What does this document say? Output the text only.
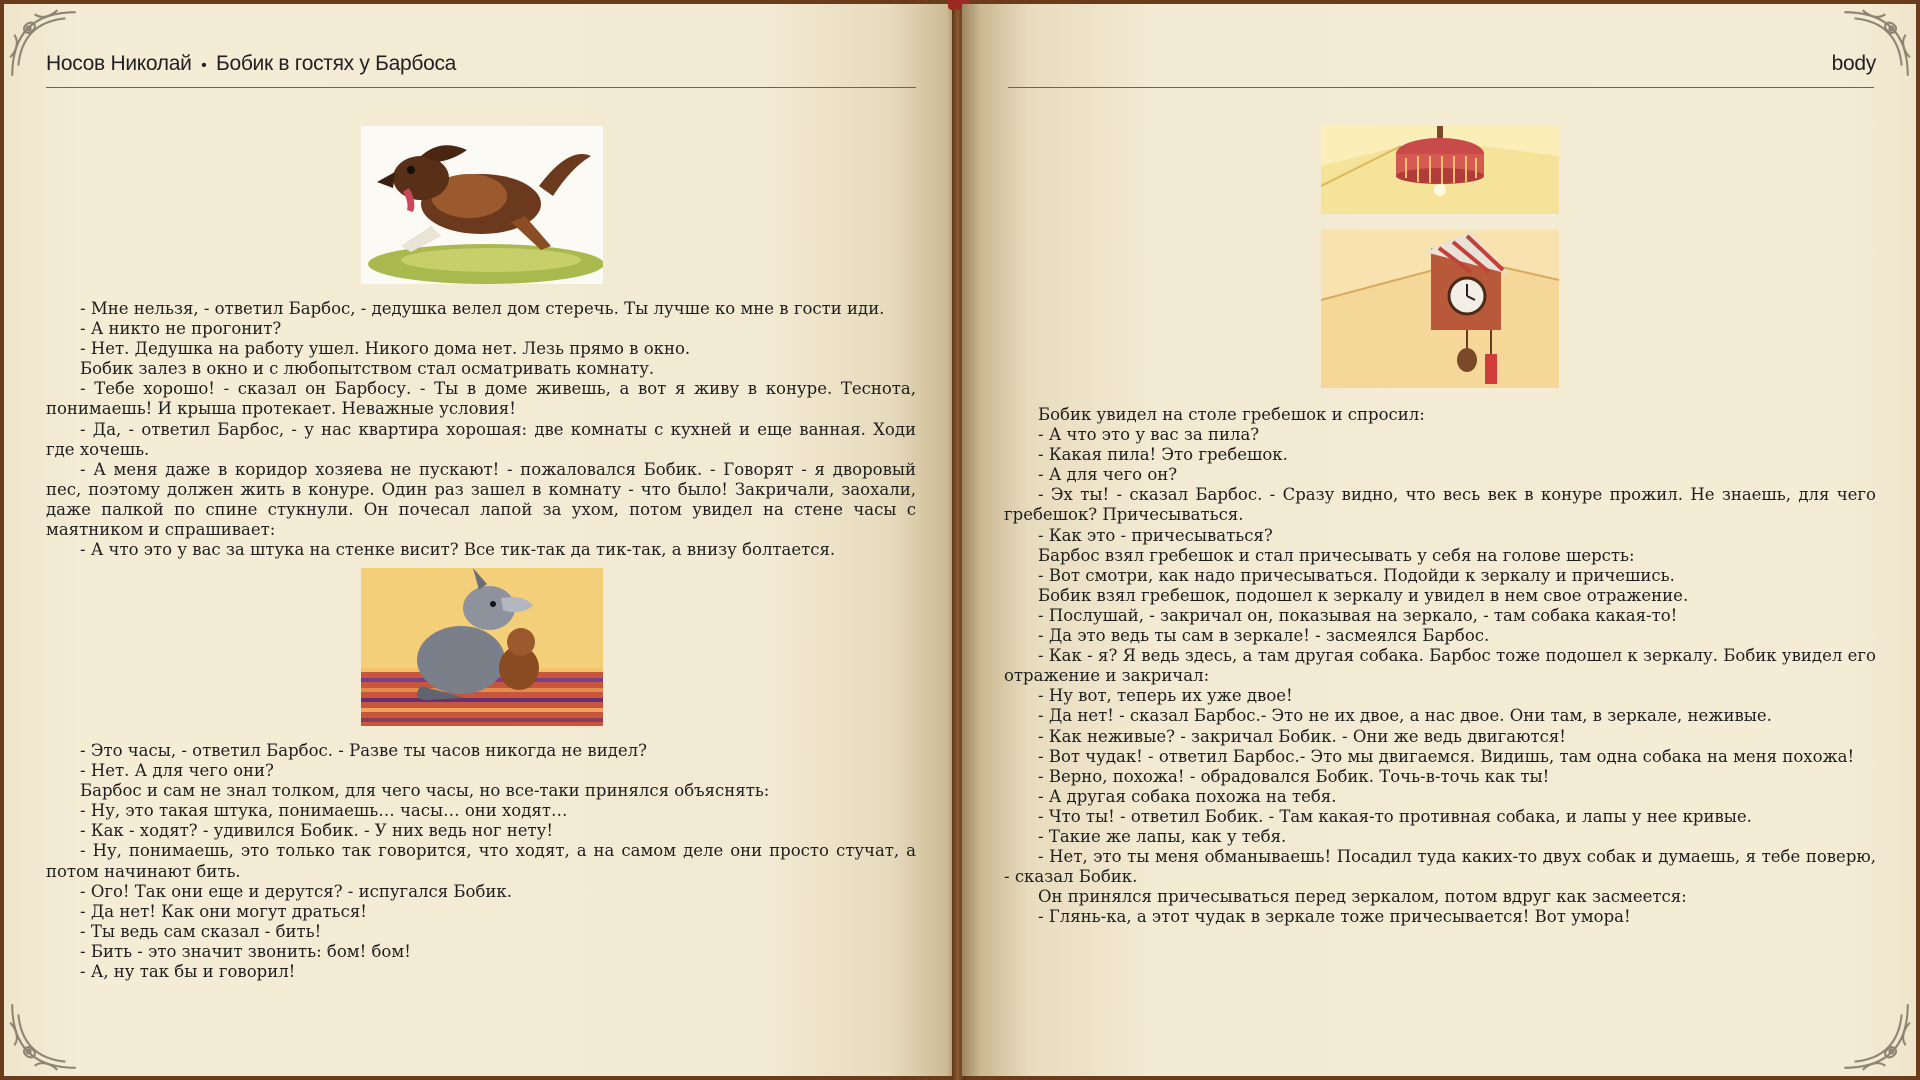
Носов Николай • Бобик в гостях у Барбоса

- Мне нельзя, - ответил Барбос, - дедушка велел дом стеречь. Ты лучше ко мне в гости иди.

- А никто не прогонит?

- Нет. Дедушка на работу ушел. Никого дома нет. Лезь прямо в окно.

Бобик залез в окно и с любопытством стал осматривать комнату.

- Тебе хорошо! - сказал он Барбосу. - Ты в доме живешь, а вот я живу в конуре. Теснота, понимаешь! И крыша протекает. Неважные условия!

- Да, - ответил Барбос, - у нас квартира хорошая: две комнаты с кухней и еще ванная. Ходи где хочешь.

- А меня даже в коридор хозяева не пускают! - пожаловался Бобик. - Говорят - я дворовый пес, поэтому должен жить в конуре. Один раз зашел в комнату - что было! Закричали, заохали, даже палкой по спине стукнули. Он почесал лапой за ухом, потом увидел на стене часы с маятником и спрашивает:

- А что это у вас за штука на стенке висит? Все тик-так да тик-так, а внизу болтается.

- Это часы, - ответил Барбос. - Разве ты часов никогда не видел?

- Нет. А для чего они?

Барбос и сам не знал толком, для чего часы, но все-таки принялся объяснять:

- Ну, это такая штука, понимаешь… часы… они ходят…

- Как - ходят? - удивился Бобик. - У них ведь ног нету!

- Ну, понимаешь, это только так говорится, что ходят, а на самом деле они просто стучат, а потом начинают бить.

- Ого! Так они еще и дерутся? - испугался Бобик.

- Да нет! Как они могут драться!

- Ты ведь сам сказал - бить!

- Бить - это значит звонить: бом! бом!

- А, ну так бы и говорил!

body

Бобик увидел на столе гребешок и спросил:

- А что это у вас за пила?

- Какая пила! Это гребешок.

- А для чего он?

- Эх ты! - сказал Барбос. - Сразу видно, что весь век в конуре прожил. Не знаешь, для чего гребешок? Причесываться.

- Как это - причесываться?

Барбос взял гребешок и стал причесывать у себя на голове шерсть:

- Вот смотри, как надо причесываться. Подойди к зеркалу и причешись.

Бобик взял гребешок, подошел к зеркалу и увидел в нем свое отражение.

- Послушай, - закричал он, показывая на зеркало, - там собака какая-то!

- Да это ведь ты сам в зеркале! - засмеялся Барбос.

- Как - я? Я ведь здесь, а там другая собака. Барбос тоже подошел к зеркалу. Бобик увидел его отражение и закричал:

- Ну вот, теперь их уже двое!

- Да нет! - сказал Барбос.- Это не их двое, а нас двое. Они там, в зеркале, неживые.

- Как неживые? - закричал Бобик. - Они же ведь двигаются!

- Вот чудак! - ответил Барбос.- Это мы двигаемся. Видишь, там одна собака на меня похожа!

- Верно, похожа! - обрадовался Бобик. Точь-в-точь как ты!

- А другая собака похожа на тебя.

- Что ты! - ответил Бобик. - Там какая-то противная собака, и лапы у нее кривые.

- Такие же лапы, как у тебя.

- Нет, это ты меня обманываешь! Посадил туда каких-то двух собак и думаешь, я тебе поверю, - сказал Бобик.

Он принялся причесываться перед зеркалом, потом вдруг как засмеется:

- Глянь-ка, а этот чудак в зеркале тоже причесывается! Вот умора!
